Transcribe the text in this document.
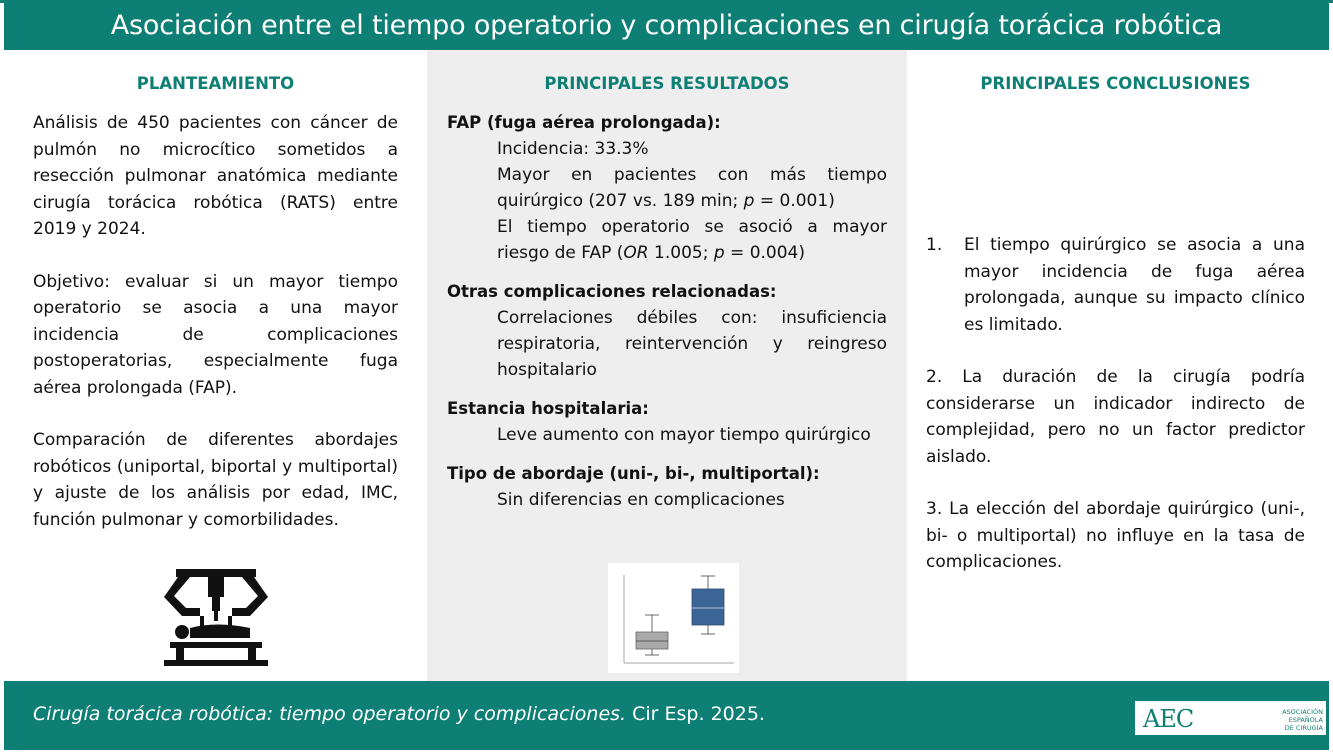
Asociación entre el tiempo operatorio y complicaciones en cirugía torácica robótica
PLANTEAMIENTO

Análisis de 450 pacientes con cáncer de pulmón no microcítico sometidos a resección pulmonar anatómica mediante cirugía torácica robótica (RATS) entre 2019 y 2024.

Objetivo: evaluar si un mayor tiempo operatorio se asocia a una mayor incidencia de complicaciones postoperatorias, especialmente fuga aérea prolongada (FAP).

Comparación de diferentes abordajes robóticos (uniportal, biportal y multiportal) y ajuste de los análisis por edad, IMC, función pulmonar y comorbilidades.

PRINCIPALES RESULTADOS

FAP (fuga aérea prolongada):

Incidencia: 33.3%

Mayor en pacientes con más tiempo quirúrgico (207 vs. 189 min; p = 0.001)

El tiempo operatorio se asoció a mayor riesgo de FAP (OR 1.005; p = 0.004)

Otras complicaciones relacionadas:

Correlaciones débiles con: insuficiencia respiratoria, reintervención y reingreso hospitalario

Estancia hospitalaria:

Leve aumento con mayor tiempo quirúrgico

Tipo de abordaje (uni-, bi-, multiportal):

Sin diferencias en complicaciones

PRINCIPALES CONCLUSIONES
1.	El tiempo quirúrgico se asocia a una mayor incidencia de fuga aérea prolongada, aunque su impacto clínico es limitado.

2. La duración de la cirugía podría considerarse un indicador indirecto de complejidad, pero no un factor predictor aislado.

3. La elección del abordaje quirúrgico (uni-, bi- o multiportal) no influye en la tasa de complicaciones.

Cirugía torácica robótica: tiempo operatorio y complicaciones. Cir Esp. 2025.	AEC	ASOCIACIÓN ESPAÑOLA
DE CIRUGÍA
